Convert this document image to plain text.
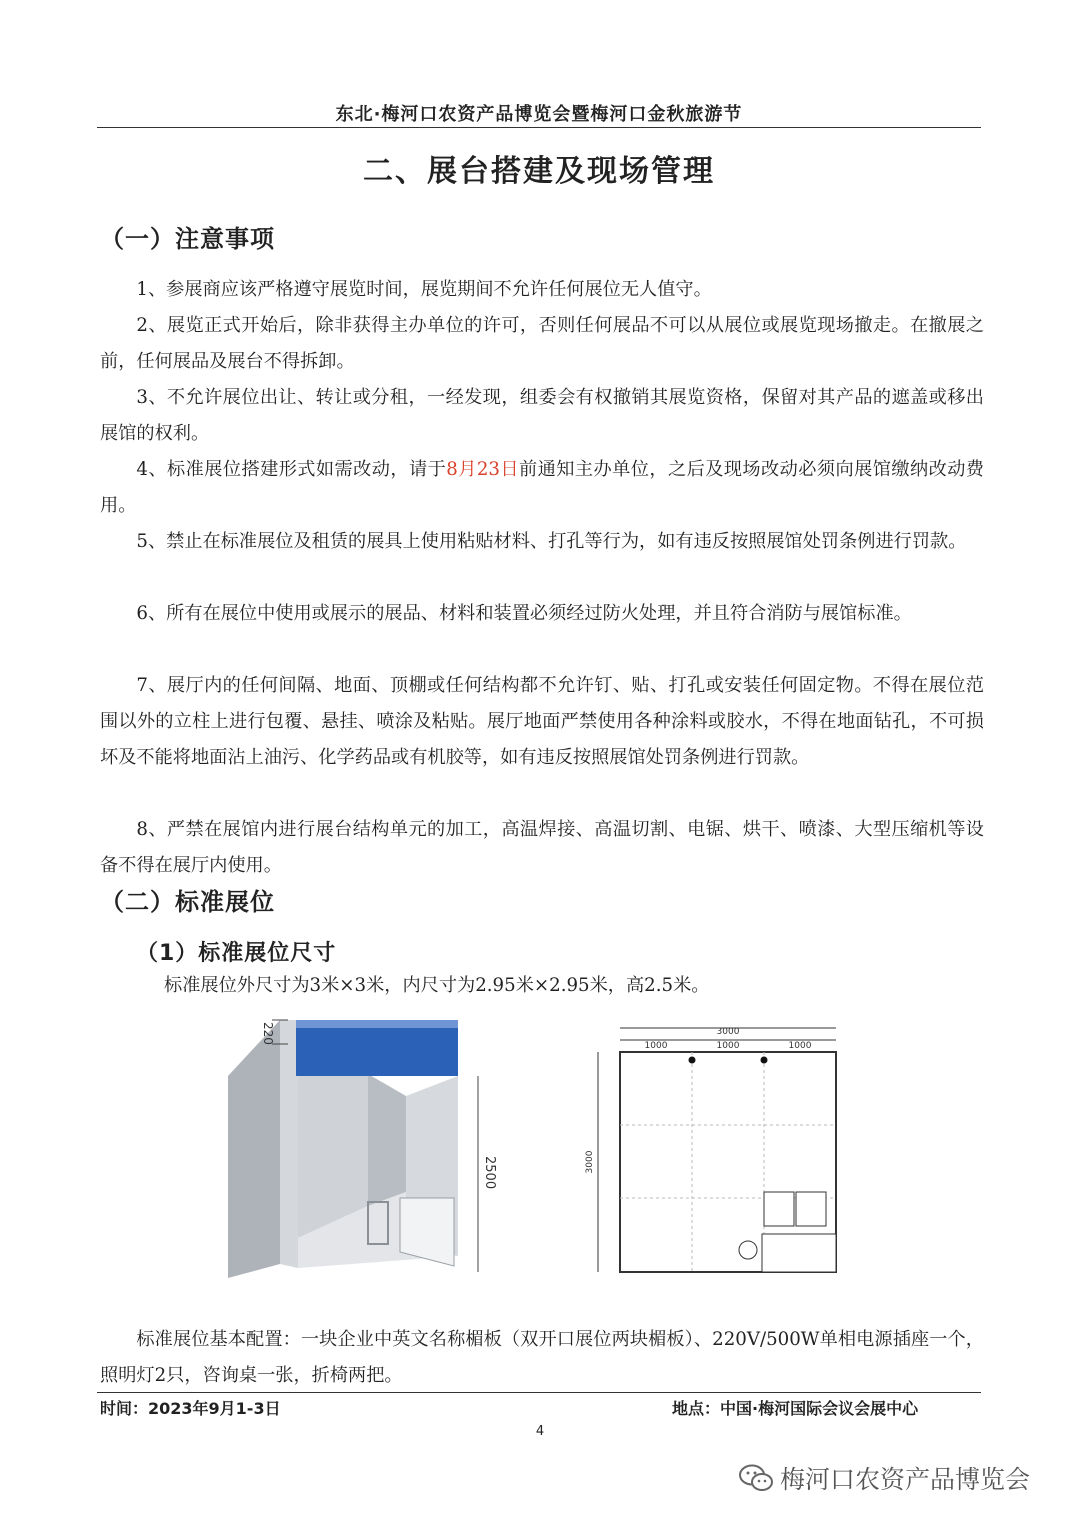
东北·梅河口农资产品博览会暨梅河口金秋旅游节
二、展台搭建及现场管理
（一）注意事项

1、参展商应该严格遵守展览时间，展览期间不允许任何展位无人值守。

2、展览正式开始后，除非获得主办单位的许可，否则任何展品不可以从展位或展览现场撤走。在撤展之前，任何展品及展台不得拆卸。

3、不允许展位出让、转让或分租，一经发现，组委会有权撤销其展览资格，保留对其产品的遮盖或移出展馆的权利。

4、标准展位搭建形式如需改动，请于8月23日前通知主办单位，之后及现场改动必须向展馆缴纳改动费用。

5、禁止在标准展位及租赁的展具上使用粘贴材料、打孔等行为，如有违反按照展馆处罚条例进行罚款。

6、所有在展位中使用或展示的展品、材料和装置必须经过防火处理，并且符合消防与展馆标准。

7、展厅内的任何间隔、地面、顶棚或任何结构都不允许钉、贴、打孔或安装任何固定物。不得在展位范围以外的立柱上进行包覆、悬挂、喷涂及粘贴。展厅地面严禁使用各种涂料或胶水，不得在地面钻孔，不可损坏及不能将地面沾上油污、化学药品或有机胶等，如有违反按照展馆处罚条例进行罚款。

8、严禁在展馆内进行展台结构单元的加工，高温焊接、高温切割、电锯、烘干、喷漆、大型压缩机等设备不得在展厅内使用。

（二）标准展位
（1）标准展位尺寸

标准展位外尺寸为3米×3米，内尺寸为2.95米×2.95米，高2.5米。

220
2500
3000
1000	1000	1000
3000

标准展位基本配置：一块企业中英文名称楣板（双开口展位两块楣板）、220V/500W单相电源插座一个，照明灯2只，咨询桌一张，折椅两把。

时间：2023年9月1-3日	地点：中国·梅河国际会议会展中心
4
梅河口农资产品博览会
